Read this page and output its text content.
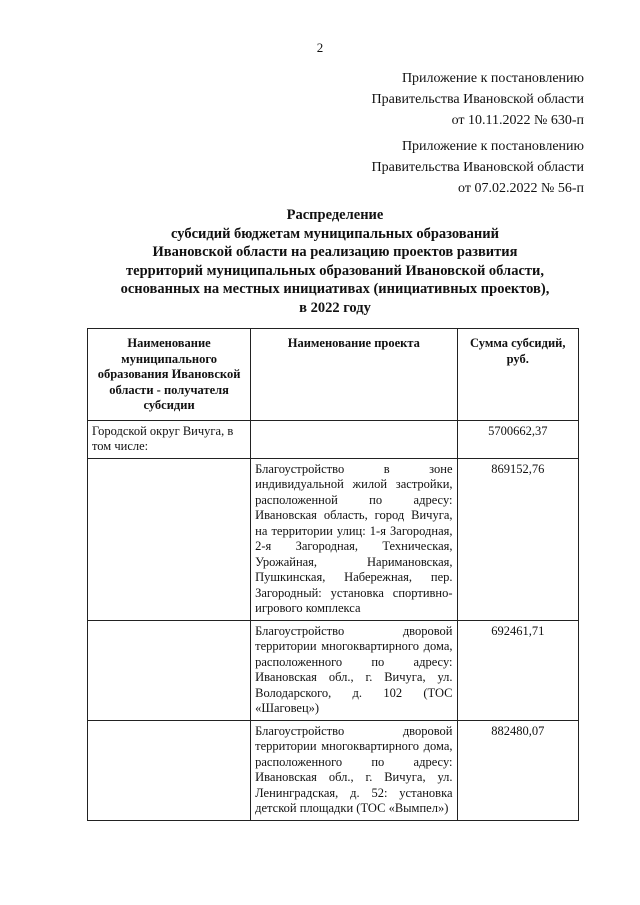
2
Приложение к постановлению
Правительства Ивановской области
от 10.11.2022 № 630-п
Приложение к постановлению
Правительства Ивановской области
от 07.02.2022 № 56-п
Распределение
субсидий бюджетам муниципальных образований
Ивановской области на реализацию проектов развития
территорий муниципальных образований Ивановской области,
основанных на местных инициативах (инициативных проектов),
в 2022 году
Наименование муниципального образования Ивановской области - получателя субсидии	Наименование проекта	Сумма субсидий, руб.
Городской округ Вичуга, в том числе:		5700662,37
	Благоустройство в зоне индивидуальной жилой застройки, расположенной по адресу: Ивановская область, город Вичуга, на территории улиц: 1-я Загородная, 2-я Загородная, Техническая, Урожайная, Наримановская, Пушкинская, Набережная, пер. Загородный: установка спортивно-игрового комплекса	869152,76
	Благоустройство дворовой территории многоквартирного дома, расположенного по адресу: Ивановская обл., г. Вичуга, ул. Володарского, д. 102 (ТОС «Шаговец»)	692461,71
	Благоустройство дворовой территории многоквартирного дома, расположенного по адресу: Ивановская обл., г. Вичуга, ул. Ленинградская, д. 52: установка детской площадки (ТОС «Вымпел»)	882480,07
